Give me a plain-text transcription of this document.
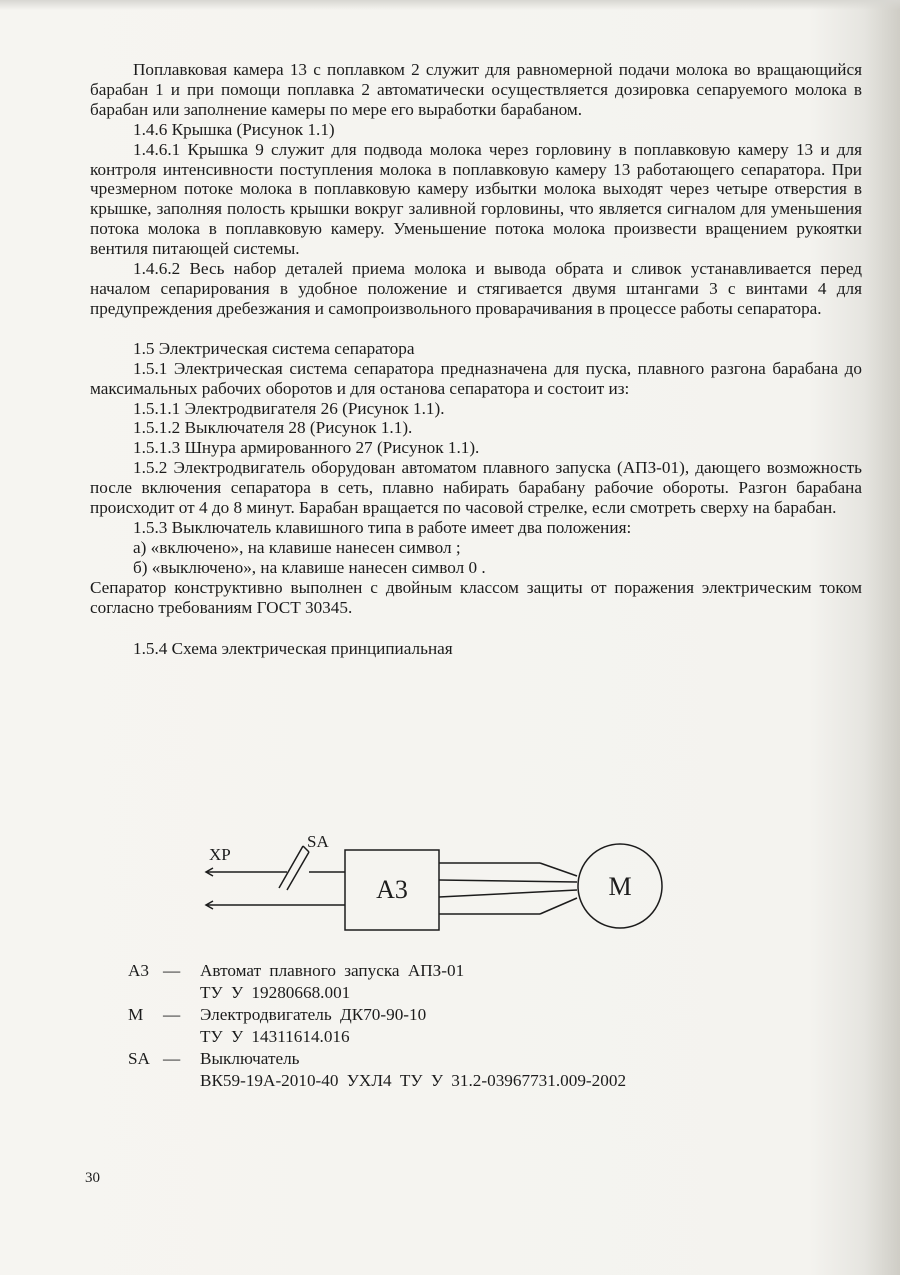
Поплавковая камера 13 с поплавком 2 служит для равномерной подачи молока во вращающийся барабан 1 и при помощи поплавка 2 автоматически осуществляется дозировка сепаруемого молока в барабан или заполнение камеры по мере его выработки барабаном.

1.4.6 Крышка (Рисунок 1.1)

1.4.6.1 Крышка 9 служит для подвода молока через горловину в поплавковую камеру 13 и для контроля интенсивности поступления молока в поплавковую камеру 13 работающего сепаратора. При чрезмерном потоке молока в поплавковую камеру избытки молока выходят через четыре отверстия в крышке, заполняя полость крышки вокруг заливной горловины, что является сигналом для уменьшения потока молока в поплавковую камеру. Уменьшение потока молока произвести вращением рукоятки вентиля питающей системы.

1.4.6.2 Весь набор деталей приема молока и вывода обрата и сливок устанавливается перед началом сепарирования в удобное положение и стягивается двумя штангами 3 с винтами 4 для предупреждения дребезжания и самопроизвольного проварачивания в процессе работы сепаратора.

1.5 Электрическая система сепаратора

1.5.1 Электрическая система сепаратора предназначена для пуска, плавного разгона барабана до максимальных рабочих оборотов и для останова сепаратора и состоит из:

1.5.1.1 Электродвигателя 26 (Рисунок 1.1).

1.5.1.2 Выключателя 28 (Рисунок 1.1).

1.5.1.3 Шнура армированного 27 (Рисунок 1.1).

1.5.2 Электродвигатель оборудован автоматом плавного запуска (АПЗ-01), дающего возможность после включения сепаратора в сеть, плавно набирать барабану рабочие обороты. Разгон барабана происходит от 4 до 8 минут. Барабан вращается по часовой стрелке, если смотреть сверху на барабан.

1.5.3 Выключатель клавишного типа в работе имеет два положения:

а) «включено», на клавише нанесен символ ;

б) «выключено», на клавише нанесен символ 0 .

Сепаратор конструктивно выполнен с двойным классом защиты от поражения электрическим током согласно требованиям ГОСТ 30345.

1.5.4 Схема электрическая принципиальная

ХР
SA
А3	М
А3 — Автомат плавного запуска АПЗ-01
ТУ У 19280668.001
М — Электродвигатель ДК70-90-10
ТУ У 14311614.016
SA — Выключатель
ВК59-19А-2010-40 УХЛ4 ТУ У 31.2-03967731.009-2002
30
